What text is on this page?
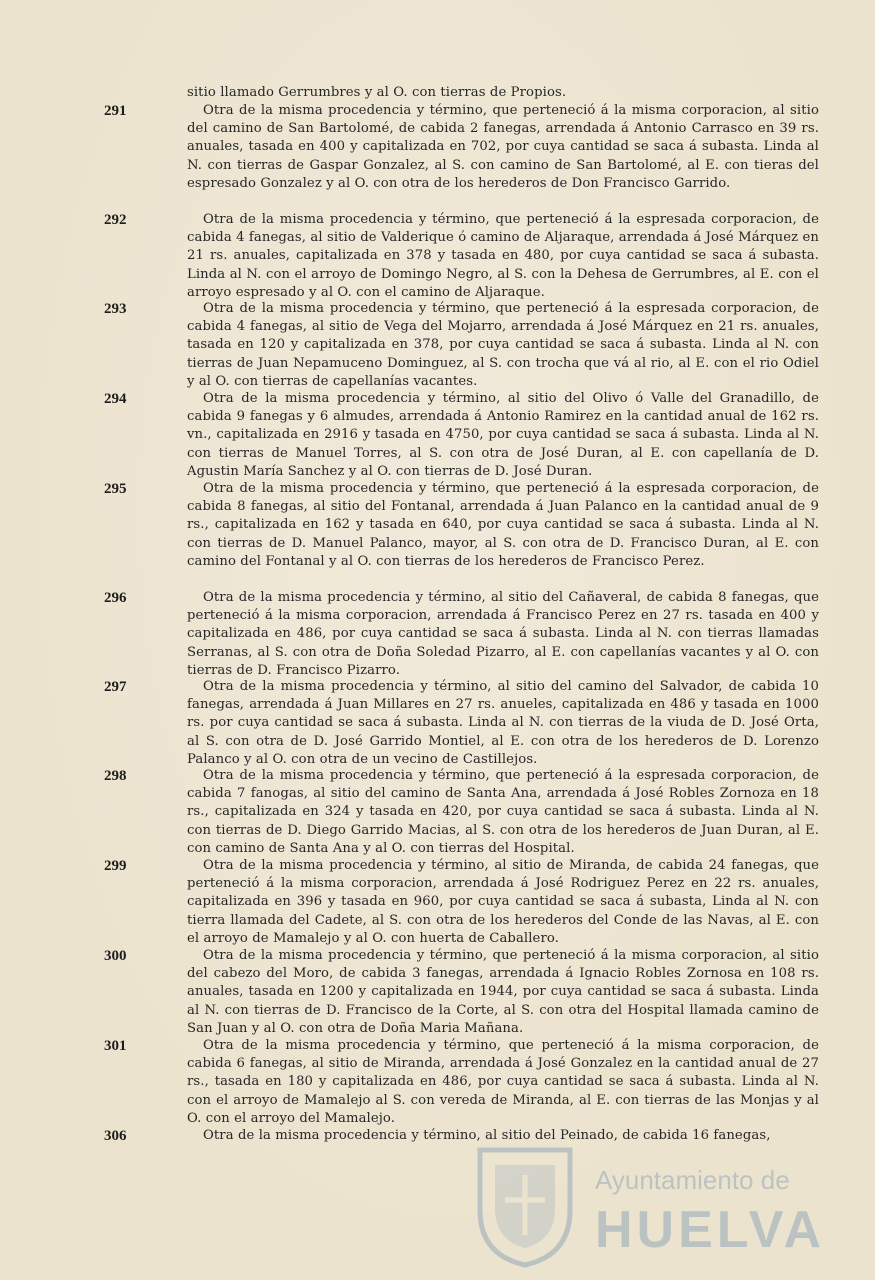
sitio llamado Gerrumbres y al O. con tierras de Propios.
291	Otra de la misma procedencia y término, que perteneció á la misma corporacion, al sitio del camino de San Bartolomé, de cabida 2 fanegas, arrendada á Antonio Carrasco en 39 rs. anuales, tasada en 400 y capitalizada en 702, por cuya cantidad se saca á subasta. Linda al N. con tierras de Gaspar Gonzalez, al S. con camino de San Bartolomé, al E. con tieras del espresado Gonzalez y al O. con otra de los herederos de Don Francisco Garrido.
292	Otra de la misma procedencia y término, que perteneció á la espresada corporacion, de cabida 4 fanegas, al sitio de Valderique ó camino de Aljaraque, arrendada á José Márquez en 21 rs. anuales, capitalizada en 378 y tasada en 480, por cuya cantidad se saca á subasta. Linda al N. con el arroyo de Domingo Negro, al S. con la Dehesa de Gerrumbres, al E. con el arroyo espresado y al O. con el camino de Aljaraque.
293	Otra de la misma procedencia y término, que perteneció á la espresada corporacion, de cabida 4 fanegas, al sitio de Vega del Mojarro, arrendada á José Márquez en 21 rs. anuales, tasada en 120 y capitalizada en 378, por cuya cantidad se saca á subasta. Linda al N. con tierras de Juan Nepamuceno Dominguez, al S. con trocha que vá al rio, al E. con el rio Odiel y al O. con tierras de capellanías vacantes.
294	Otra de la misma procedencia y término, al sitio del Olivo ó Valle del Granadillo, de cabida 9 fanegas y 6 almudes, arrendada á Antonio Ramirez en la cantidad anual de 162 rs. vn., capitalizada en 2916 y tasada en 4750, por cuya cantidad se saca á subasta. Linda al N. con tierras de Manuel Torres, al S. con otra de José Duran, al E. con capellanía de D. Agustin María Sanchez y al O. con tierras de D. José Duran.
295	Otra de la misma procedencia y término, que perteneció á la espresada corporacion, de cabida 8 fanegas, al sitio del Fontanal, arrendada á Juan Palanco en la cantidad anual de 9 rs., capitalizada en 162 y tasada en 640, por cuya cantidad se saca á subasta. Linda al N. con tierras de D. Manuel Palanco, mayor, al S. con otra de D. Francisco Duran, al E. con camino del Fontanal y al O. con tierras de los herederos de Francisco Perez.
296	Otra de la misma procedencia y término, al sitio del Cañaveral, de cabida 8 fanegas, que perteneció á la misma corporacion, arrendada á Francisco Perez en 27 rs. tasada en 400 y capitalizada en 486, por cuya cantidad se saca á subasta. Linda al N. con tierras llamadas Serranas, al S. con otra de Doña Soledad Pizarro, al E. con capellanías vacantes y al O. con tierras de D. Francisco Pizarro.
297	Otra de la misma procedencia y término, al sitio del camino del Salvador, de cabida 10 fanegas, arrendada á Juan Millares en 27 rs. anueles, capitalizada en 486 y tasada en 1000 rs. por cuya cantidad se saca á subasta. Linda al N. con tierras de la viuda de D. José Orta, al S. con otra de D. José Garrido Montiel, al E. con otra de los herederos de D. Lorenzo Palanco y al O. con otra de un vecino de Castillejos.
298	Otra de la misma procedencia y término, que perteneció á la espresada corporacion, de cabida 7 fanogas, al sitio del camino de Santa Ana, arrendada á José Robles Zornoza en 18 rs., capitalizada en 324 y tasada en 420, por cuya cantidad se saca á subasta. Linda al N. con tierras de D. Diego Garrido Macias, al S. con otra de los herederos de Juan Duran, al E. con camino de Santa Ana y al O. con tierras del Hospital.
299	Otra de la misma procedencia y término, al sitio de Miranda, de cabida 24 fanegas, que perteneció á la misma corporacion, arrendada á José Rodriguez Perez en 22 rs. anuales, capitalizada en 396 y tasada en 960, por cuya cantidad se saca á subasta, Linda al N. con tierra llamada del Cadete, al S. con otra de los herederos del Conde de las Navas, al E. con el arroyo de Mamalejo y al O. con huerta de Caballero.
300	Otra de la misma procedencia y término, que perteneció á la misma corporacion, al sitio del cabezo del Moro, de cabida 3 fanegas, arrendada á Ignacio Robles Zornosa en 108 rs. anuales, tasada en 1200 y capitalizada en 1944, por cuya cantidad se saca á subasta. Linda al N. con tierras de D. Francisco de la Corte, al S. con otra del Hospital llamada camino de San Juan y al O. con otra de Doña Maria Mañana.
301	Otra de la misma procedencia y término, que perteneció á la misma corporacion, de cabida 6 fanegas, al sitio de Miranda, arrendada á José Gonzalez en la cantidad anual de 27 rs., tasada en 180 y capitalizada en 486, por cuya cantidad se saca á subasta. Linda al N. con el arroyo de Mamalejo al S. con vereda de Miranda, al E. con tierras de las Monjas y al O. con el arroyo del Mamalejo.
306	Otra de la misma procedencia y término, al sitio del Peinado, de cabida 16 fanegas,
Ayuntamiento de
HUELVA
